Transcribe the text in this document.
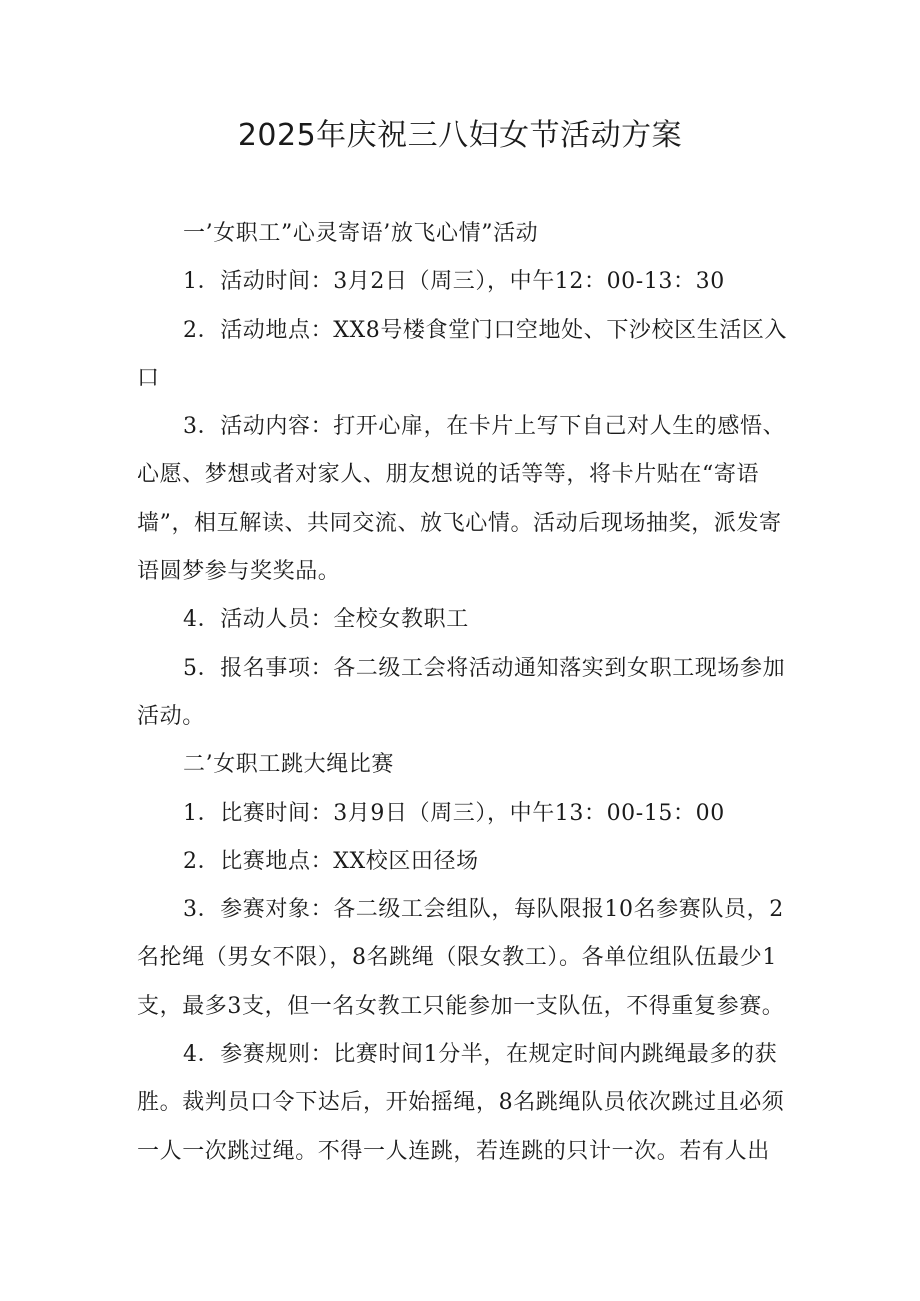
2025年庆祝三八妇女节活动方案

一’女职工”心灵寄语’放飞心情”活动

1．活动时间：3月2日（周三），中午12：00-13：30

2．活动地点：XX8号楼食堂门口空地处、下沙校区生活区入口

3．活动内容：打开心扉，在卡片上写下自己对人生的感悟、心愿、梦想或者对家人、朋友想说的话等等，将卡片贴在“寄语墙”，相互解读、共同交流、放飞心情。活动后现场抽奖，派发寄语圆梦参与奖奖品。

4．活动人员：全校女教职工

5．报名事项：各二级工会将活动通知落实到女职工现场参加活动。

二’女职工跳大绳比赛

1．比赛时间：3月9日（周三），中午13：00-15：00

2．比赛地点：XX校区田径场

3．参赛对象：各二级工会组队，每队限报10名参赛队员，2名抡绳（男女不限），8名跳绳（限女教工）。各单位组队伍最少1支，最多3支，但一名女教工只能参加一支队伍，不得重复参赛。

4．参赛规则：比赛时间1分半，在规定时间内跳绳最多的获胜。裁判员口令下达后，开始摇绳，8名跳绳队员依次跳过且必须一人一次跳过绳。不得一人连跳，若连跳的只计一次。若有人出
